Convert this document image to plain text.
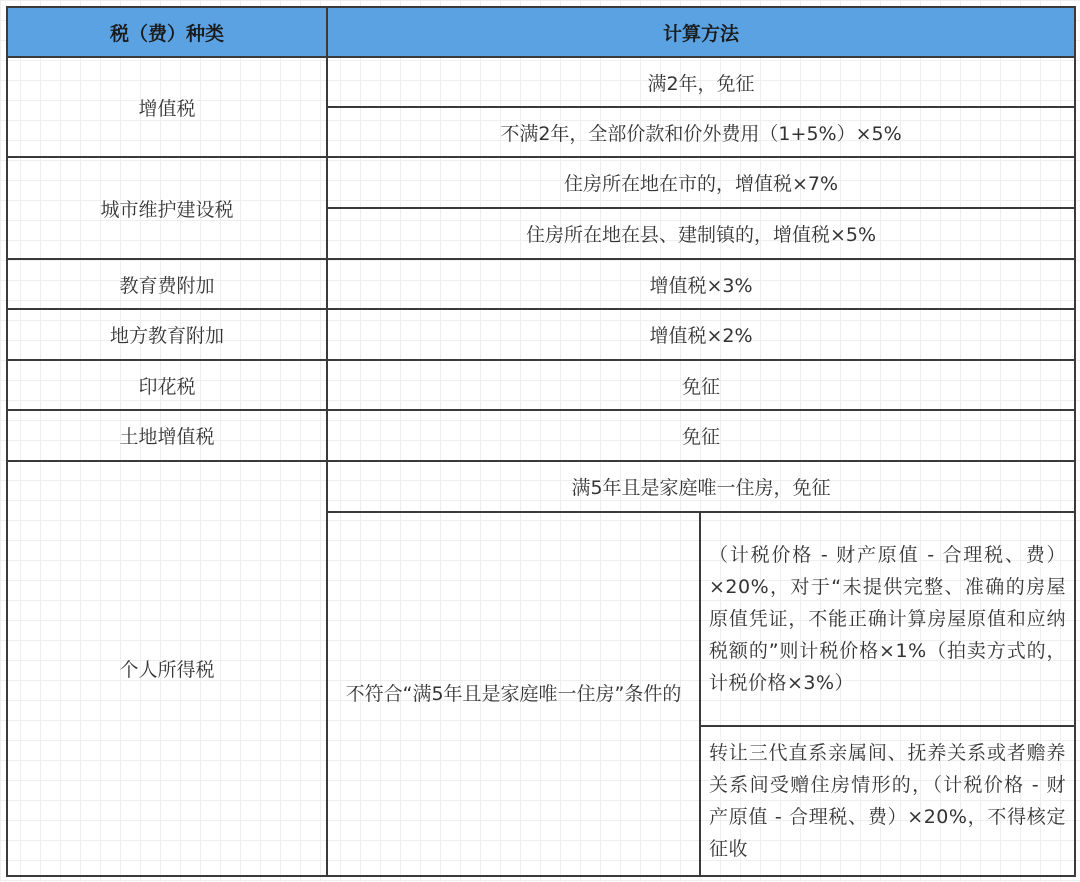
税（费）种类	计算方法	
增值税	满2年，免征	
	不满2年，全部价款和价外费用（1+5%）×5%	
城市维护建设税	住房所在地在市的，增值税×7%	
	住房所在地在县、建制镇的，增值税×5%	
教育费附加	增值税×3%	
地方教育附加	增值税×2%	
印花税	免征	
土地增值税	免征	
个人所得税	满5年且是家庭唯一住房，免征	
	不符合“满5年且是家庭唯一住房”条件的	（计税价格 - 财产原值 - 合理税、费）×20%，对于“未提供完整、准确的房屋原值凭证，不能正确计算房屋原值和应纳税额的”则计税价格×1%（拍卖方式的，计税价格×3%）
		转让三代直系亲属间、抚养关系或者赡养关系间受赠住房情形的，（计税价格 - 财产原值 - 合理税、费）×20%，不得核定征收
